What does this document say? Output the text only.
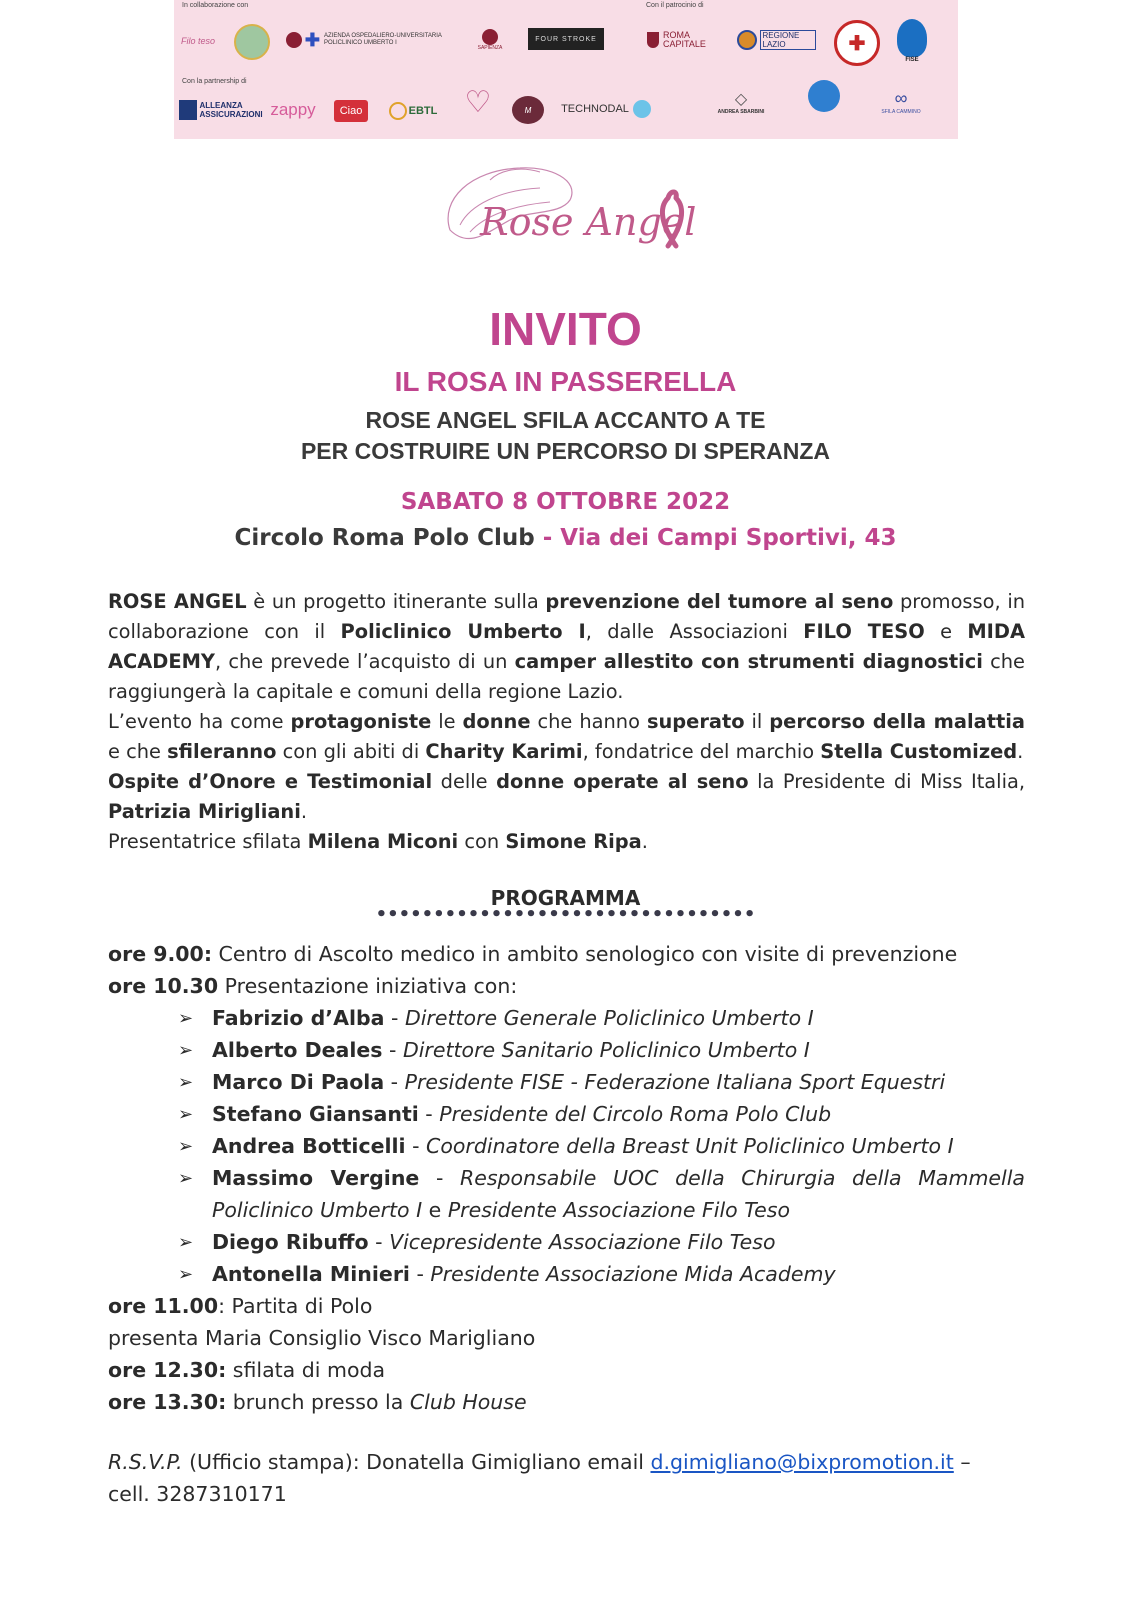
In collaborazione con	Con il patrocinio di
Con la partnership di
Filo teso	✚ AZIENDA OSPEDALIERO-UNIVERSITARIA POLICLINICO UMBERTO I
SAPIENZA
FOUR STROKE	ROMA CAPITALE
REGIONE LAZIO	✚
FISE
ALLEANZA ASSICURAZIONI zappy Ciao	EBTL ♡	M	TECHNODAL
◇
ANDREA SBARBINI
∞
SFILA CAMMINO
Rose Angel
INVITO
IL ROSA IN PASSERELLA
ROSE ANGEL SFILA ACCANTO A TE
PER COSTRUIRE UN PERCORSO DI SPERANZA
SABATO 8 OTTOBRE 2022
Circolo Roma Polo Club - Via dei Campi Sportivi, 43

ROSE ANGEL è un progetto itinerante sulla prevenzione del tumore al seno promosso, in collaborazione con il Policlinico Umberto I, dalle Associazioni FILO TESO e MIDA ACADEMY, che prevede l’acquisto di un camper allestito con strumenti diagnostici che raggiungerà la capitale e comuni della regione Lazio.

L’evento ha come protagoniste le donne che hanno superato il percorso della malattia e che sfileranno con gli abiti di Charity Karimi, fondatrice del marchio Stella Customized.

Ospite d’Onore e Testimonial delle donne operate al seno la Presidente di Miss Italia, Patrizia Mirigliani.

Presentatrice sfilata Milena Miconi con Simone Ripa.

PROGRAMMA
•••••••••••••••••••••••••••••••••
ore 9.00: Centro di Ascolto medico in ambito senologico con visite di prevenzione
ore 10.30 Presentazione iniziativa con:
➢ Fabrizio d’Alba - Direttore Generale Policlinico Umberto I
➢ Alberto Deales - Direttore Sanitario Policlinico Umberto I
➢ Marco Di Paola - Presidente FISE - Federazione Italiana Sport Equestri
➢ Stefano Giansanti - Presidente del Circolo Roma Polo Club
➢ Andrea Botticelli - Coordinatore della Breast Unit Policlinico Umberto I
➢ Massimo Vergine - Responsabile UOC della Chirurgia della Mammella Policlinico Umberto I e Presidente Associazione Filo Teso
➢ Diego Ribuffo - Vicepresidente Associazione Filo Teso
➢ Antonella Minieri - Presidente Associazione Mida Academy
ore 11.00: Partita di Polo
presenta Maria Consiglio Visco Marigliano
ore 12.30: sfilata di moda
ore 13.30: brunch presso la Club House
R.S.V.P. (Ufficio stampa): Donatella Gimigliano email d.gimigliano@bixpromotion.it –
cell. 3287310171
